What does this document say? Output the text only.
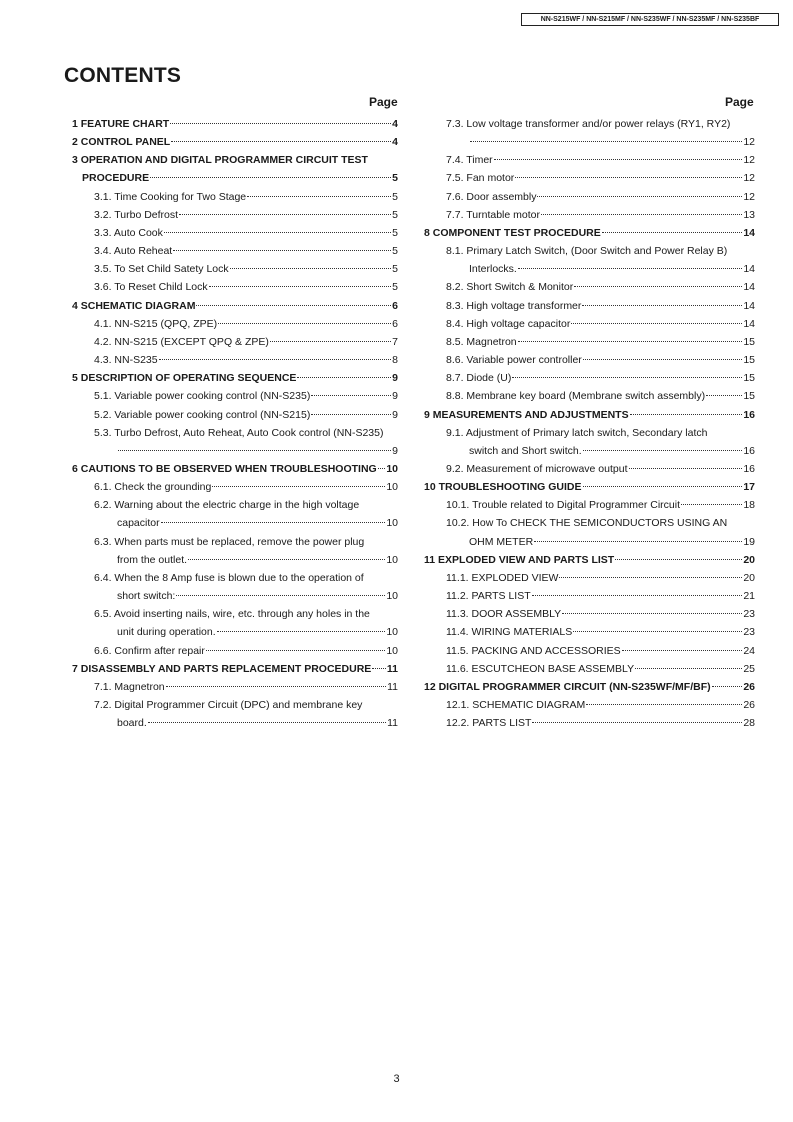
NN-S215WF / NN-S215MF / NN-S235WF / NN-S235MF / NN-S235BF
CONTENTS
Page	Page
1 FEATURE CHART	4
2 CONTROL PANEL	4
3 OPERATION AND DIGITAL PROGRAMMER CIRCUIT TEST
PROCEDURE	5
3.1. Time Cooking for Two Stage	5
3.2. Turbo Defrost	5
3.3. Auto Cook	5
3.4. Auto Reheat	5
3.5. To Set Child Satety Lock	5
3.6. To Reset Child Lock	5
4 SCHEMATIC DIAGRAM	6
4.1. NN-S215 (QPQ, ZPE)	6
4.2. NN-S215 (EXCEPT QPQ & ZPE)	7
4.3. NN-S235	8
5 DESCRIPTION OF OPERATING SEQUENCE	9
5.1. Variable power cooking control (NN-S235)	9
5.2. Variable power cooking control (NN-S215)	9
5.3. Turbo Defrost, Auto Reheat, Auto Cook control (NN-S235)
9
6 CAUTIONS TO BE OBSERVED WHEN TROUBLESHOOTING 10
6.1. Check the grounding	10
6.2. Warning about the electric charge in the high voltage
capacitor	10
6.3. When parts must be replaced, remove the power plug
from the outlet.	10
6.4. When the 8 Amp fuse is blown due to the operation of
short switch:	10
6.5. Avoid inserting nails, wire, etc. through any holes in the
unit during operation.	10
6.6. Confirm after repair	10
7 DISASSEMBLY AND PARTS REPLACEMENT PROCEDURE 11
7.1. Magnetron	11
7.2. Digital Programmer Circuit (DPC) and membrane key
board.	11
7.3. Low voltage transformer and/or power relays (RY1, RY2)
12
7.4. Timer	12
7.5. Fan motor	12
7.6. Door assembly	12
7.7. Turntable motor	13
8 COMPONENT TEST PROCEDURE	14
8.1. Primary Latch Switch, (Door Switch and Power Relay B)
Interlocks.	14
8.2. Short Switch & Monitor	14
8.3. High voltage transformer	14
8.4. High voltage capacitor	14
8.5. Magnetron	15
8.6. Variable power controller	15
8.7. Diode (U)	15
8.8. Membrane key board (Membrane switch assembly)	15
9 MEASUREMENTS AND ADJUSTMENTS	16
9.1. Adjustment of Primary latch switch, Secondary latch
switch and Short switch.	16
9.2. Measurement of microwave output	16
10 TROUBLESHOOTING GUIDE	17
10.1. Trouble related to Digital Programmer Circuit	18
10.2. How To CHECK THE SEMICONDUCTORS USING AN
OHM METER	19
11 EXPLODED VIEW AND PARTS LIST	20
11.1. EXPLODED VIEW	20
11.2. PARTS LIST	21
11.3. DOOR ASSEMBLY	23
11.4. WIRING MATERIALS	23
11.5. PACKING AND ACCESSORIES	24
11.6. ESCUTCHEON BASE ASSEMBLY	25
12 DIGITAL PROGRAMMER CIRCUIT (NN-S235WF/MF/BF)	26
12.1. SCHEMATIC DIAGRAM	26
12.2. PARTS LIST	28
3
